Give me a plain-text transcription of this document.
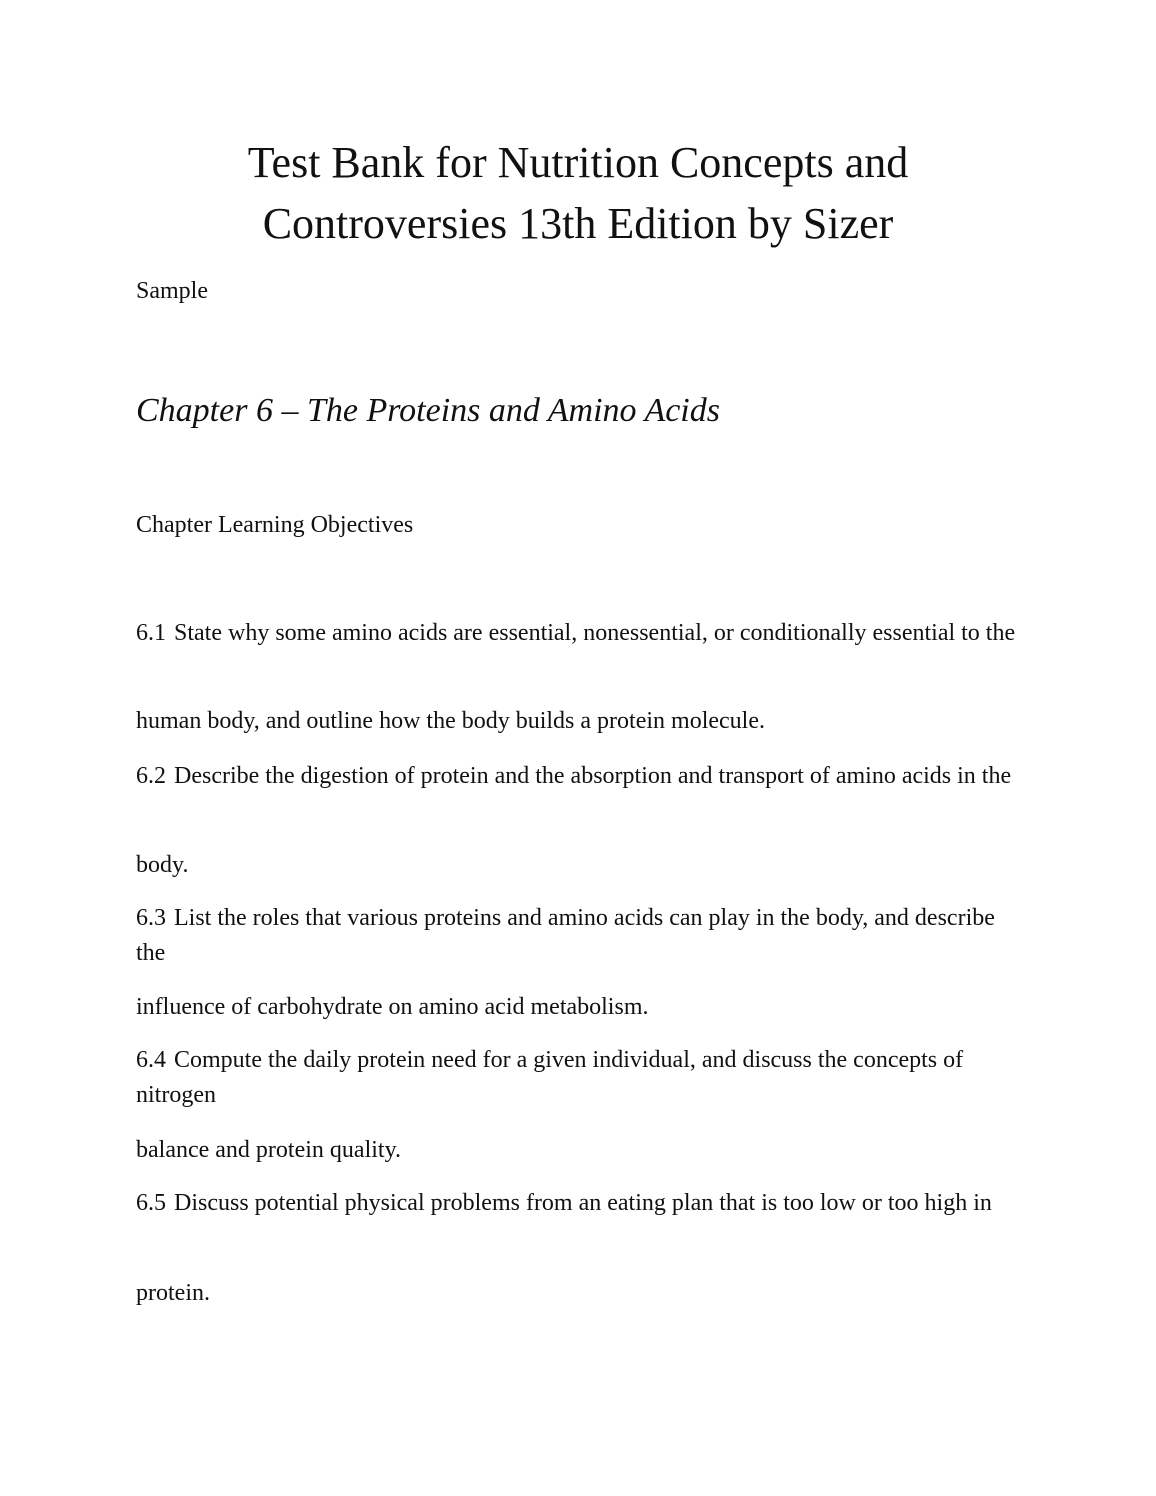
Test Bank for Nutrition Concepts and
Controversies 13th Edition by Sizer

Sample

Chapter 6 – The Proteins and Amino Acids
Chapter Learning Objectives

6.1 State why some amino acids are essential, nonessential, or conditionally essential to the

human body, and outline how the body builds a protein molecule.

6.2 Describe the digestion of protein and the absorption and transport of amino acids in the

body.

6.3 List the roles that various proteins and amino acids can play in the body, and describe the

influence of carbohydrate on amino acid metabolism.

6.4 Compute the daily protein need for a given individual, and discuss the concepts of nitrogen

balance and protein quality.

6.5 Discuss potential physical problems from an eating plan that is too low or too high in

protein.
